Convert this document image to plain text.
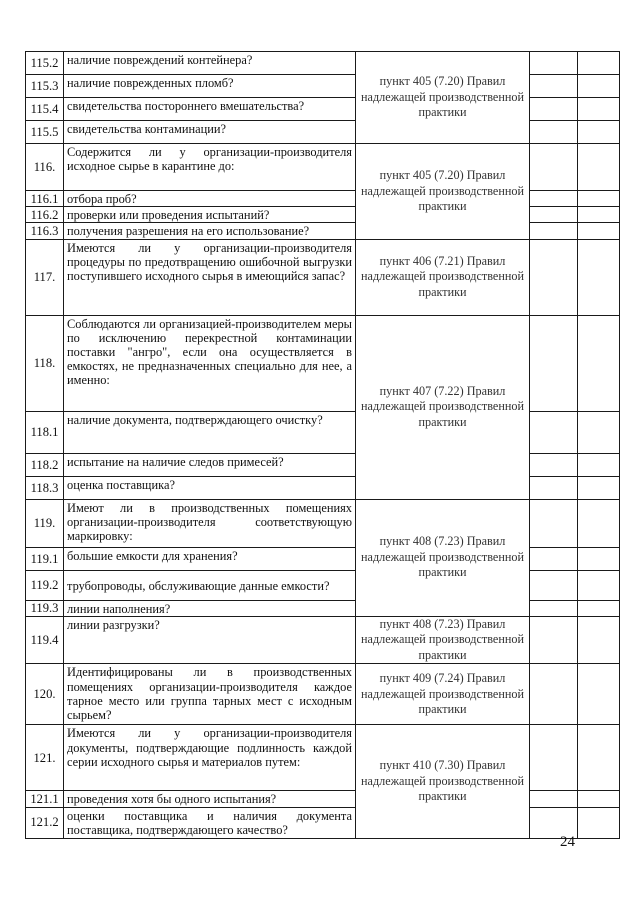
115.2	наличие повреждений контейнера?	пункт 405 (7.20) Правил надлежащей производственной практики		
115.3	наличие поврежденных пломб?			
115.4	свидетельства постороннего вмешательства?			
115.5	свидетельства контаминации?			
116.	Содержится ли у организации-производителя исходное сырье в карантине до:	пункт 405 (7.20) Правил надлежащей производственной практики		
116.1	отбора проб?			
116.2	проверки или проведения испытаний?			
116.3	получения разрешения на его использование?			
117.	Имеются ли у организации-производителя процедуры по предотвращению ошибочной выгрузки поступившего исходного сырья в имеющийся запас?	пункт 406 (7.21) Правил надлежащей производственной практики		
118.	Соблюдаются ли организацией-производителем меры по исключению перекрестной контаминации поставки "ангро", если она осуществляется в емкостях, не предназначенных специально для нее, а именно:	пункт 407 (7.22) Правил надлежащей производственной практики		
118.1	наличие документа, подтверждающего очистку?			
118.2	испытание на наличие следов примесей?			
118.3	оценка поставщика?			
119.	Имеют ли в производственных помещениях организации-производителя соответствующую маркировку:	пункт 408 (7.23) Правил надлежащей производственной практики		
119.1	большие емкости для хранения?			
119.2	трубопроводы, обслуживающие данные емкости?			
119.3	линии наполнения?			
119.4	линии разгрузки?	пункт 408 (7.23) Правил надлежащей производственной практики		
120.	Идентифицированы ли в производственных помещениях организации-производителя каждое тарное место или группа тарных мест с исходным сырьем?	пункт 409 (7.24) Правил надлежащей производственной практики		
121.	Имеются ли у организации-производителя документы, подтверждающие подлинность каждой серии исходного сырья и материалов путем:	пункт 410 (7.30) Правил надлежащей производственной практики		
121.1	проведения хотя бы одного испытания?			
121.2	оценки поставщика и наличия документа поставщика, подтверждающего качество?			
24
